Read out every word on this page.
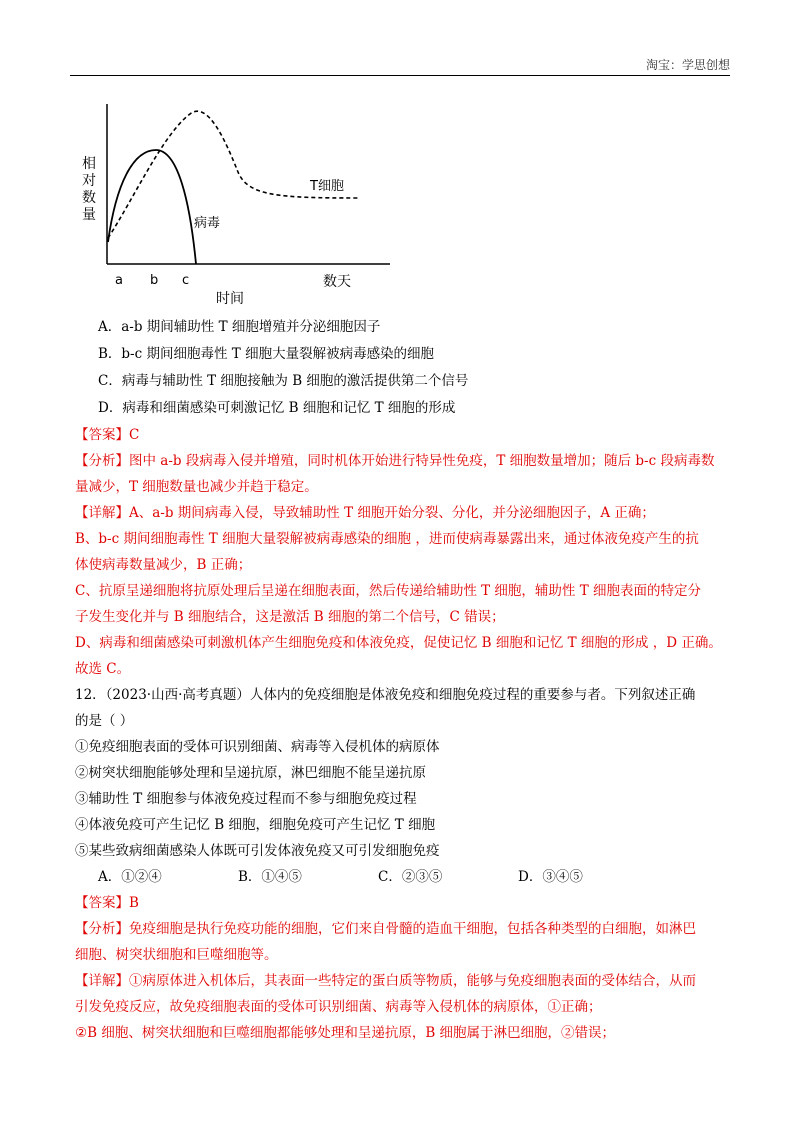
淘宝：学思创想
相
对
数
量
a b c	数天
时间
T细胞
病毒
A．a-b 期间辅助性 T 细胞增殖并分泌细胞因子
B．b-c 期间细胞毒性 T 细胞大量裂解被病毒感染的细胞
C．病毒与辅助性 T 细胞接触为 B 细胞的激活提供第二个信号
D．病毒和细菌感染可刺激记忆 B 细胞和记忆 T 细胞的形成
【答案】C
【分析】图中 a-b 段病毒入侵并增殖，同时机体开始进行特异性免疫，T 细胞数量增加；随后 b-c 段病毒数
量减少，T 细胞数量也减少并趋于稳定。
【详解】A、a-b 期间病毒入侵，导致辅助性 T 细胞开始分裂、分化，并分泌细胞因子，A 正确；
B、b-c 期间细胞毒性 T 细胞大量裂解被病毒感染的细胞 ，进而使病毒暴露出来，通过体液免疫产生的抗
体使病毒数量减少，B 正确；
C、抗原呈递细胞将抗原处理后呈递在细胞表面，然后传递给辅助性 T 细胞，辅助性 T 细胞表面的特定分
子发生变化并与 B 细胞结合，这是激活 B 细胞的第二个信号，C 错误；
D、病毒和细菌感染可刺激机体产生细胞免疫和体液免疫，促使记忆 B 细胞和记忆 T 细胞的形成 ，D 正确。
故选 C。
12．（2023·山西·高考真题）人体内的免疫细胞是体液免疫和细胞免疫过程的重要参与者。下列叙述正确
的是（ ）
①免疫细胞表面的受体可识别细菌、病毒等入侵机体的病原体
②树突状细胞能够处理和呈递抗原，淋巴细胞不能呈递抗原
③辅助性 T 细胞参与体液免疫过程而不参与细胞免疫过程
④体液免疫可产生记忆 B 细胞，细胞免疫可产生记忆 T 细胞
⑤某些致病细菌感染人体既可引发体液免疫又可引发细胞免疫
A．①②④	B．①④⑤	C．②③⑤	D．③④⑤
【答案】B
【分析】免疫细胞是执行免疫功能的细胞，它们来自骨髓的造血干细胞，包括各种类型的白细胞，如淋巴
细胞、树突状细胞和巨噬细胞等。
【详解】①病原体进入机体后，其表面一些特定的蛋白质等物质，能够与免疫细胞表面的受体结合，从而
引发免疫反应，故免疫细胞表面的受体可识别细菌、病毒等入侵机体的病原体，①正确；
②B 细胞、树突状细胞和巨噬细胞都能够处理和呈递抗原，B 细胞属于淋巴细胞，②错误；
